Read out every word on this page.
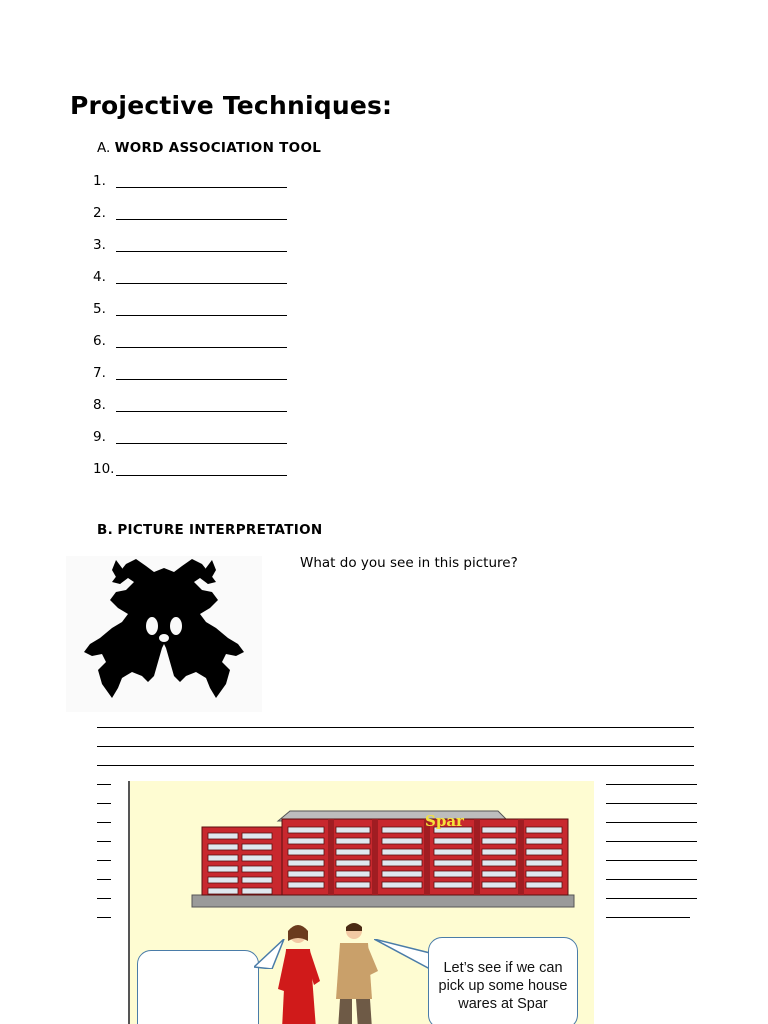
Projective Techniques:
A. WORD ASSOCIATION TOOL
1.
2.
3.
4.
5.
6.
7.
8.
9.
10.
B. PICTURE INTERPRETATION
What do you see in this picture?
Spar
Let’s see if we can pick up some house wares at Spar
